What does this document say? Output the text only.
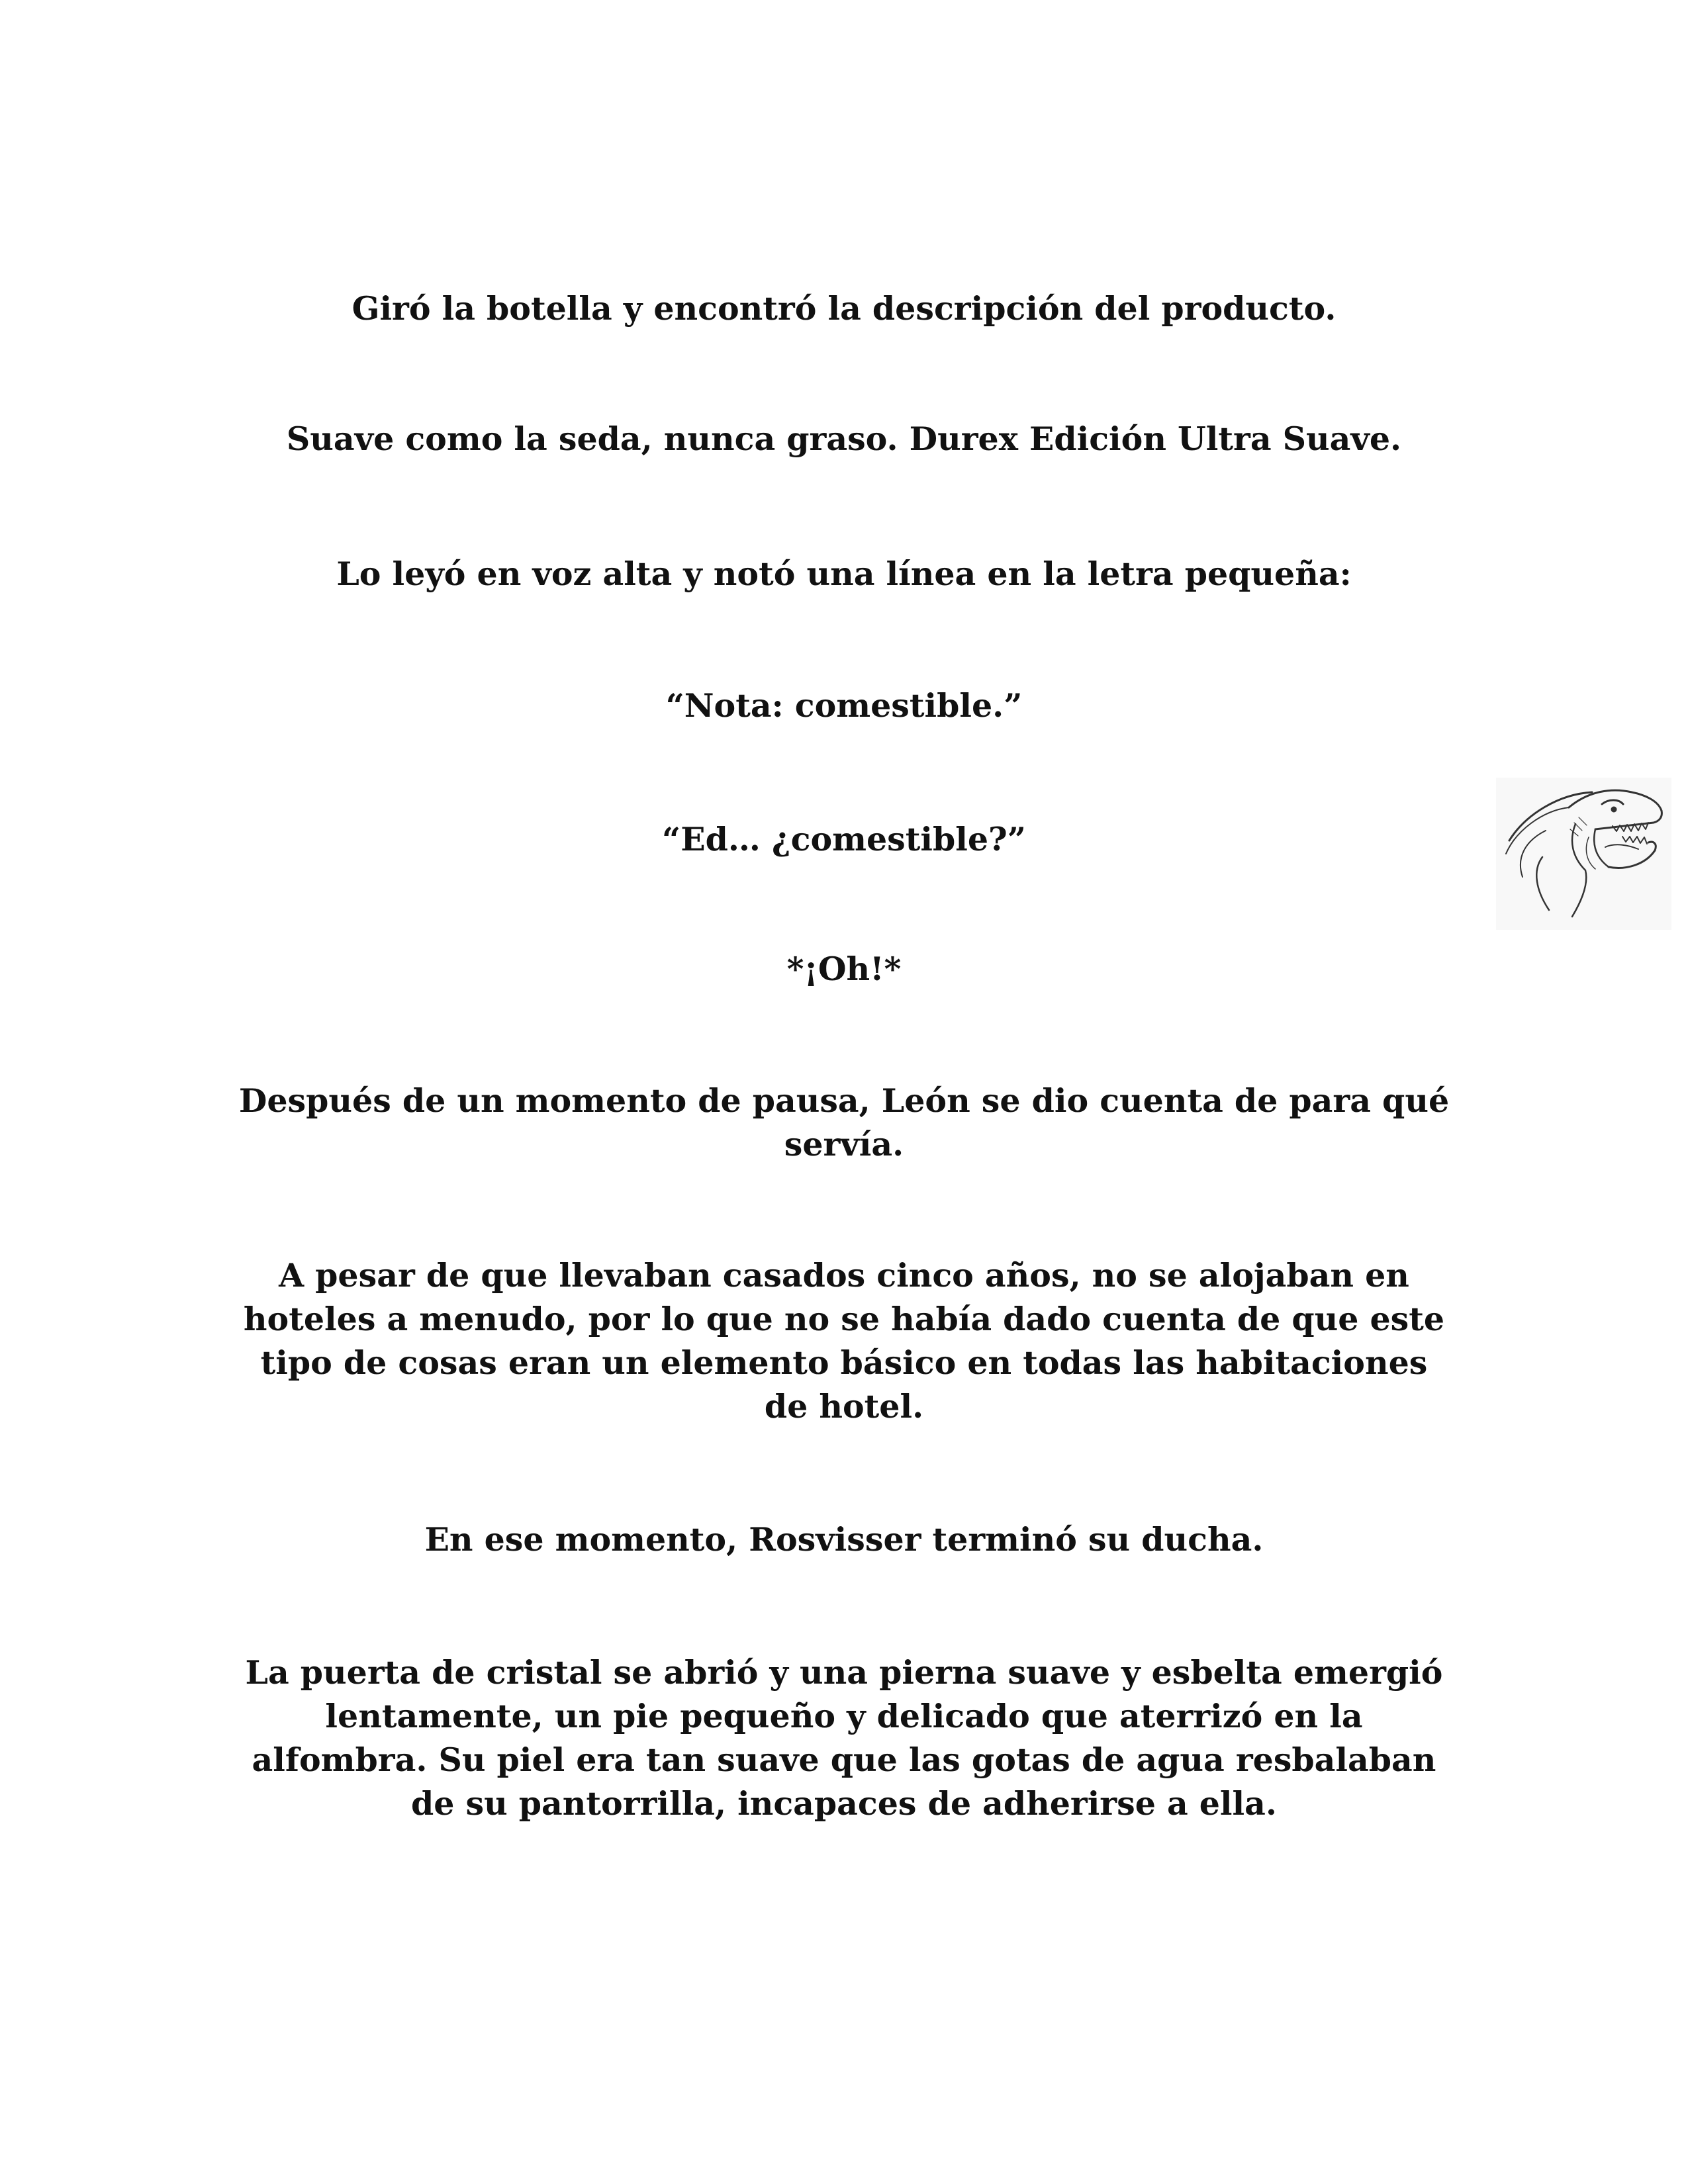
Giró la botella y encontró la descripción del producto.

Suave como la seda, nunca graso. Durex Edición Ultra Suave.

Lo leyó en voz alta y notó una línea en la letra pequeña:

“Nota: comestible.”

“Ed… ¿comestible?”

*¡Oh!*

Después de un momento de pausa, León se dio cuenta de para qué servía.

A pesar de que llevaban casados cinco años, no se alojaban en hoteles a menudo, por lo que no se había dado cuenta de que este tipo de cosas eran un elemento básico en todas las habitaciones de hotel.

En ese momento, Rosvisser terminó su ducha.

La puerta de cristal se abrió y una pierna suave y esbelta emergió lentamente, un pie pequeño y delicado que aterrizó en la alfombra. Su piel era tan suave que las gotas de agua resbalaban de su pantorrilla, incapaces de adherirse a ella.
